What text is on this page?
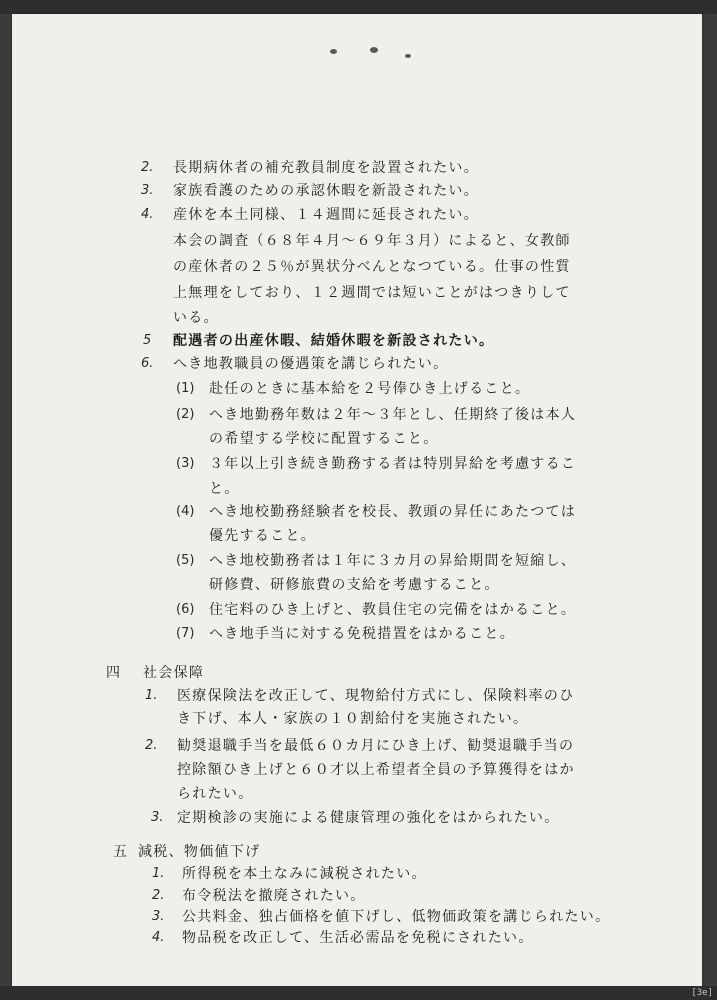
2. 長期病休者の補充教員制度を設置されたい。
3. 家族看護のための承認休暇を新設されたい。
4. 産休を本土同様、１４週間に延長されたい。
本会の調査（６８年４月～６９年３月）によると、女教師
の産休者の２５％が異状分べんとなつている。仕事の性質
上無理をしており、１２週間では短いことがはつきりして
いる。
5 配遇者の出産休暇、結婚休暇を新設されたい。
6. へき地教職員の優遇策を講じられたい。
(1) 赴任のときに基本給を２号俸ひき上げること。
(2) へき地勤務年数は２年～３年とし、任期終了後は本人
の希望する学校に配置すること。
(3) ３年以上引き続き勤務する者は特別昇給を考慮するこ
と。
(4) へき地校勤務経験者を校長、教頭の昇任にあたつては
優先すること。
(5) へき地校勤務者は１年に３カ月の昇給期間を短縮し、
研修費、研修旅費の支給を考慮すること。
(6) 住宅料のひき上げと、教員住宅の完備をはかること。
(7) へき地手当に対する免税措置をはかること。
四 社会保障
1. 医療保険法を改正して、現物給付方式にし、保険料率のひ
き下げ、本人・家族の１０割給付を実施されたい。
2. 勧奨退職手当を最低６０カ月にひき上げ、勧奨退職手当の
控除額ひき上げと６０才以上希望者全員の予算獲得をはか
られたい。
3. 定期検診の実施による健康管理の強化をはかられたい。
五 減税、物価値下げ
1. 所得税を本土なみに減税されたい。
2. 布令税法を撤廃されたい。
3. 公共料金、独占価格を値下げし、低物価政策を講じられたい。
4. 物品税を改正して、生活必需品を免税にされたい。
[3e]
